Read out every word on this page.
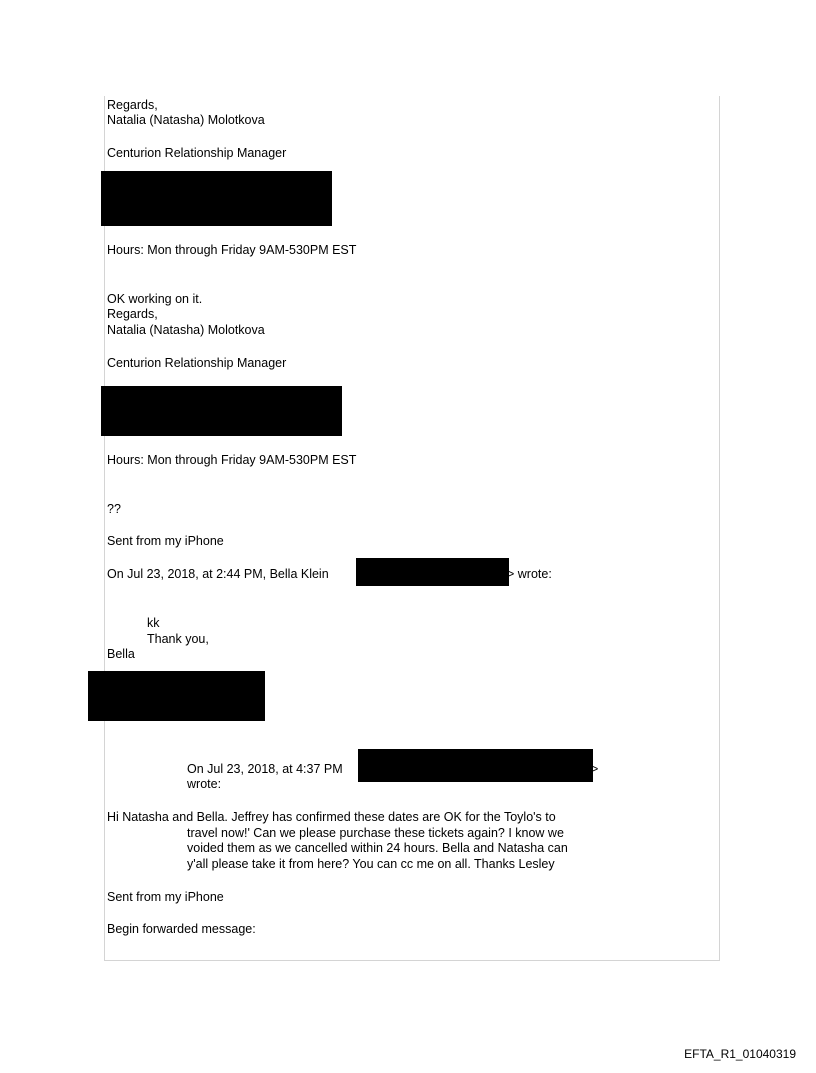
Regards,
Natalia (Natasha) Molotkova
Centurion Relationship Manager
Hours: Mon through Friday 9AM-530PM EST
OK working on it.
Regards,
Natalia (Natasha) Molotkova
Centurion Relationship Manager
Hours: Mon through Friday 9AM-530PM EST
??
Sent from my iPhone
On Jul 23, 2018, at 2:44 PM, Bella Klein	> wrote:
kk
Thank you,
Bella
On Jul 23, 2018, at 4:37 PM	>
wrote:
Hi Natasha and Bella. Jeffrey has confirmed these dates are OK for the Toylo's to
travel now!' Can we please purchase these tickets again? I know we
voided them as we cancelled within 24 hours. Bella and Natasha can
y'all please take it from here? You can cc me on all. Thanks Lesley
Sent from my iPhone
Begin forwarded message:
EFTA_R1_01040319
